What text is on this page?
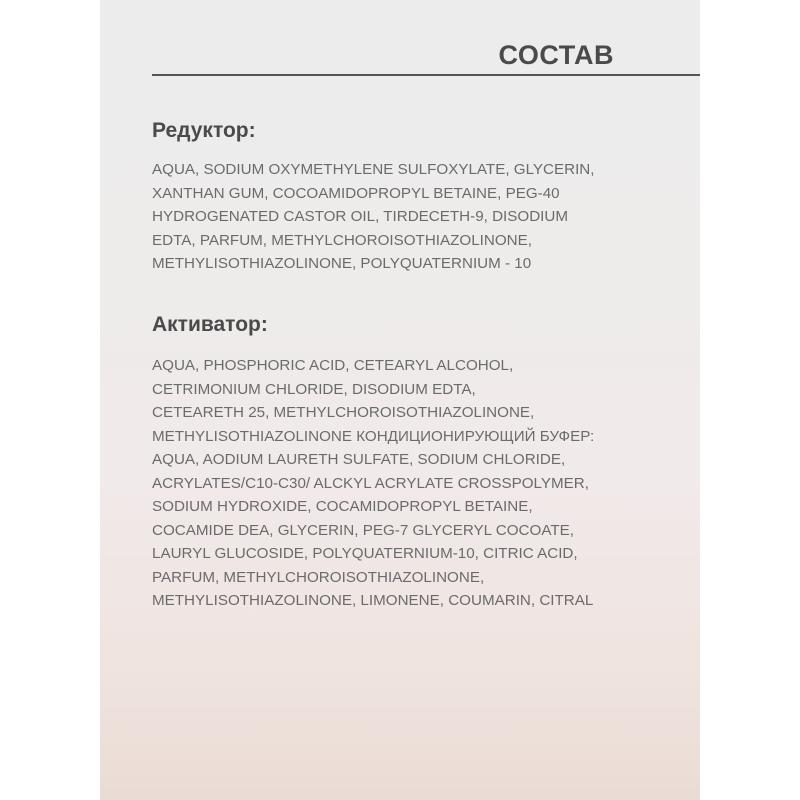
СОСТАВ
Редуктор:

AQUA, SODIUM OXYMETHYLENE SULFOXYLATE, GLYCERIN,
XANTHAN GUM, COCOAMIDOPROPYL BETAINE, PEG-40
HYDROGENATED CASTOR OIL, TIRDECETH-9, DISODIUM
EDTA, PARFUM, METHYLCHOROISOTHIAZOLINONE,
METHYLISOTHIAZOLINONE, POLYQUATERNIUM - 10

Активатор:

AQUA, PHOSPHORIC ACID, CETEARYL ALCOHOL,
CETRIMONIUM CHLORIDE, DISODIUM EDTA,
CETEARETH 25, METHYLCHOROISOTHIAZOLINONE,
METHYLISOTHIAZOLINONE КОНДИЦИОНИРУЮЩИЙ БУФЕР:
AQUA, AODIUM LAURETH SULFATE, SODIUM CHLORIDE,
ACRYLATES/C10-C30/ ALCKYL ACRYLATE CROSSPOLYMER,
SODIUM HYDROXIDE, COCAMIDOPROPYL BETAINE,
COCAMIDE DEA, GLYCERIN, PEG-7 GLYCERYL COCOATE,
LAURYL GLUCOSIDE, POLYQUATERNIUM-10, CITRIC ACID,
PARFUM, METHYLCHOROISOTHIAZOLINONE,
METHYLISOTHIAZOLINONE, LIMONENE, COUMARIN, CITRAL
